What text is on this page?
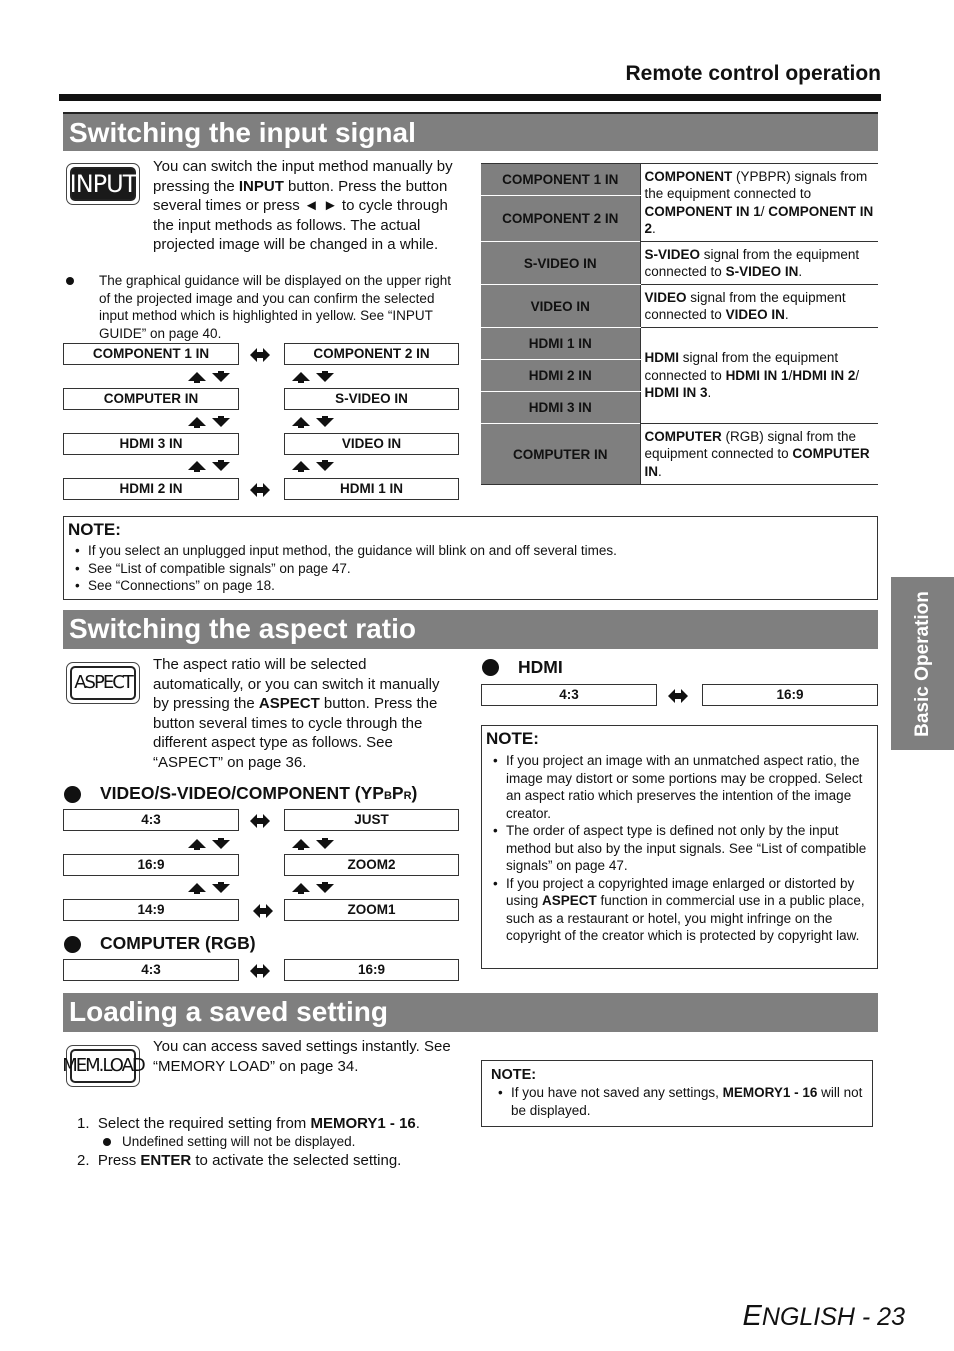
Remote control operation
Basic Operation
Switching the input signal
INPUT
You can switch the input method manually by pressing the INPUT button. Press the button several times or press ◄ ► to cycle through the input methods as follows. The actual projected image will be changed in a while.
The graphical guidance will be displayed on the upper right of the projected image and you can confirm the selected input method which is highlighted in yellow. See “INPUT GUIDE” on page 40.
COMPONENT 1 IN	COMPONENT 2 IN
COMPUTER IN	S-VIDEO IN
HDMI 3 IN	VIDEO IN
HDMI 2 IN	HDMI 1 IN
COMPONENT 1 IN	COMPONENT (YPBPR) signals from the equipment connected to COMPONENT IN 1/ COMPONENT IN 2.
COMPONENT 2 IN	
S-VIDEO IN	S-VIDEO signal from the equipment connected to S-VIDEO IN.
VIDEO IN	VIDEO signal from the equipment connected to VIDEO IN.
HDMI 1 IN	HDMI signal from the equipment connected to HDMI IN 1/HDMI IN 2/ HDMI IN 3.
HDMI 2 IN	
HDMI 3 IN	
COMPUTER IN	COMPUTER (RGB) signal from the equipment connected to COMPUTER IN.
NOTE:
• If you select an unplugged input method, the guidance will blink on and off several times.
• See “List of compatible signals” on page 47.
• See “Connections” on page 18.
Switching the aspect ratio
ASPECT
The aspect ratio will be selected automatically, or you can switch it manually by pressing the ASPECT button. Press the button several times to cycle through the different aspect type as follows. See “ASPECT” on page 36.
VIDEO/S-VIDEO/COMPONENT (YPBPR)
4:3	JUST
16:9	ZOOM2
14:9	ZOOM1
COMPUTER (RGB)
4:3	16:9
HDMI
4:3	16:9
NOTE:
• If you project an image with an unmatched aspect ratio, the image may distort or some portions may be cropped. Select an aspect ratio which preserves the intention of the image creator.
• The order of aspect type is defined not only by the input method but also by the input signals. See “List of compatible signals” on page 47.
• If you project a copyrighted image enlarged or distorted by using ASPECT function in commercial use in a public place, such as a restaurant or hotel, you might infringe on the copyright of the creator which is protected by copyright law.
Loading a saved setting
MEM.LOAD
You can access saved settings instantly. See “MEMORY LOAD” on page 34.
1. Select the required setting from MEMORY1 - 16.
Undefined setting will not be displayed.
2. Press ENTER to activate the selected setting.
NOTE:
• If you have not saved any settings, MEMORY1 - 16 will not be displayed.
ENGLISH - 23
